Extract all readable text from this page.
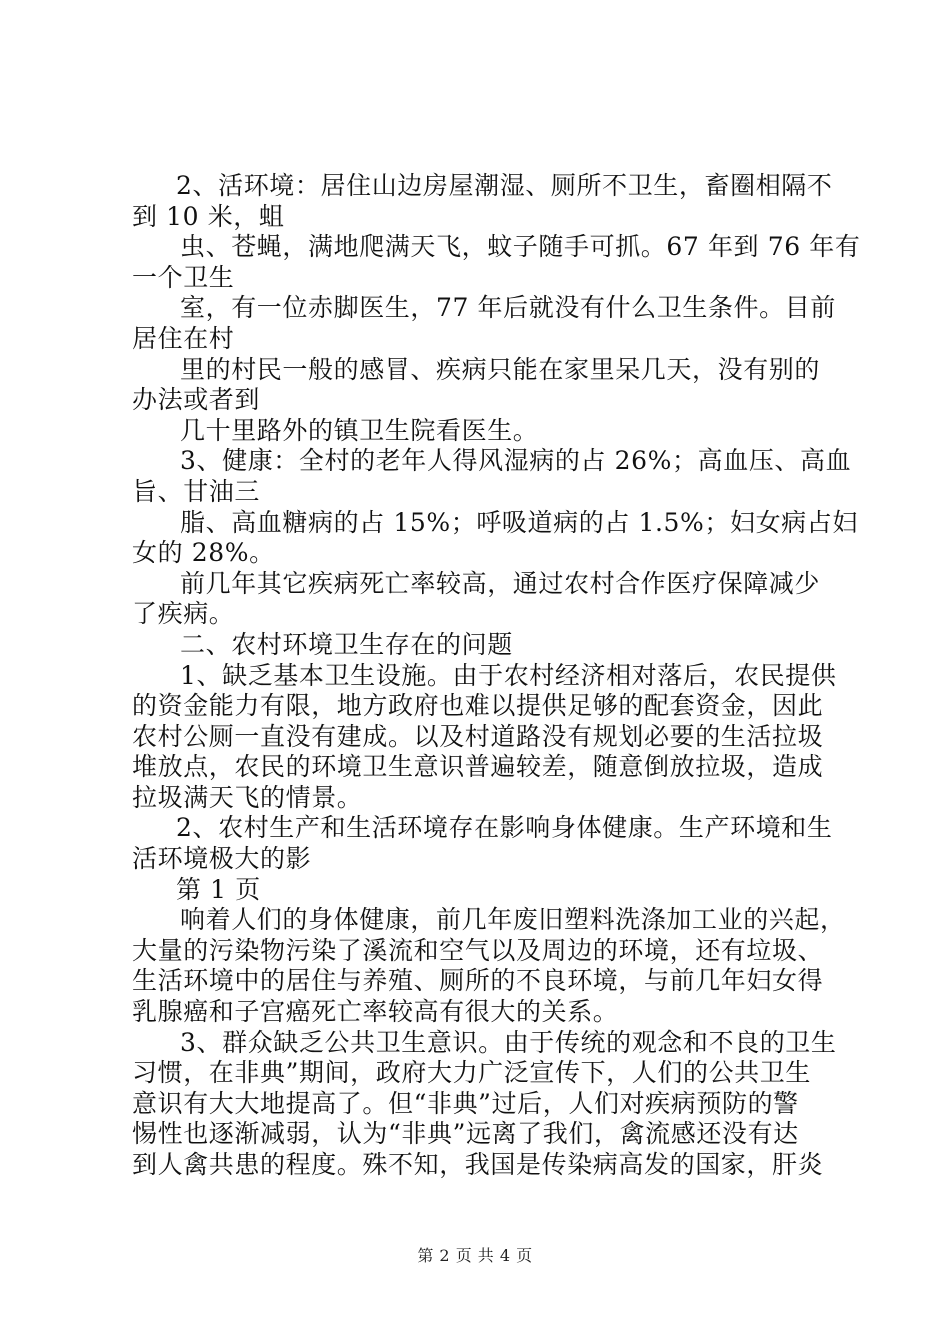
2、活环境：居住山边房屋潮湿、厕所不卫生，畜圈相隔不
到 10 米，蛆
虫、苍蝇，满地爬满天飞，蚊子随手可抓。67 年到 76 年有
一个卫生
室，有一位赤脚医生，77 年后就没有什么卫生条件。目前
居住在村
里的村民一般的感冒、疾病只能在家里呆几天，没有别的
办法或者到
几十里路外的镇卫生院看医生。
3、健康：全村的老年人得风湿病的占 26%；高血压、高血
旨、甘油三
脂、高血糖病的占 15%；呼吸道病的占 1.5%；妇女病占妇
女的 28%。
前几年其它疾病死亡率较高，通过农村合作医疗保障减少
了疾病。
二、农村环境卫生存在的问题
1、缺乏基本卫生设施。由于农村经济相对落后，农民提供
的资金能力有限，地方政府也难以提供足够的配套资金，因此
农村公厕一直没有建成。以及村道路没有规划必要的生活拉圾
堆放点，农民的环境卫生意识普遍较差，随意倒放拉圾，造成
拉圾满天飞的情景。
2、农村生产和生活环境存在影响身体健康。生产环境和生
活环境极大的影
第 1 页
响着人们的身体健康，前几年废旧塑料洗涤加工业的兴起，
大量的污染物污染了溪流和空气以及周边的环境，还有垃圾、
生活环境中的居住与养殖、厕所的不良环境，与前几年妇女得
乳腺癌和子宫癌死亡率较高有很大的关系。
3、群众缺乏公共卫生意识。由于传统的观念和不良的卫生
习惯，在非典”期间，政府大力广泛宣传下，人们的公共卫生
意识有大大地提高了。但“非典”过后，人们对疾病预防的警
惕性也逐渐减弱，认为“非典”远离了我们，禽流感还没有达
到人禽共患的程度。殊不知，我国是传染病高发的国家，肝炎
第 2 页 共 4 页
